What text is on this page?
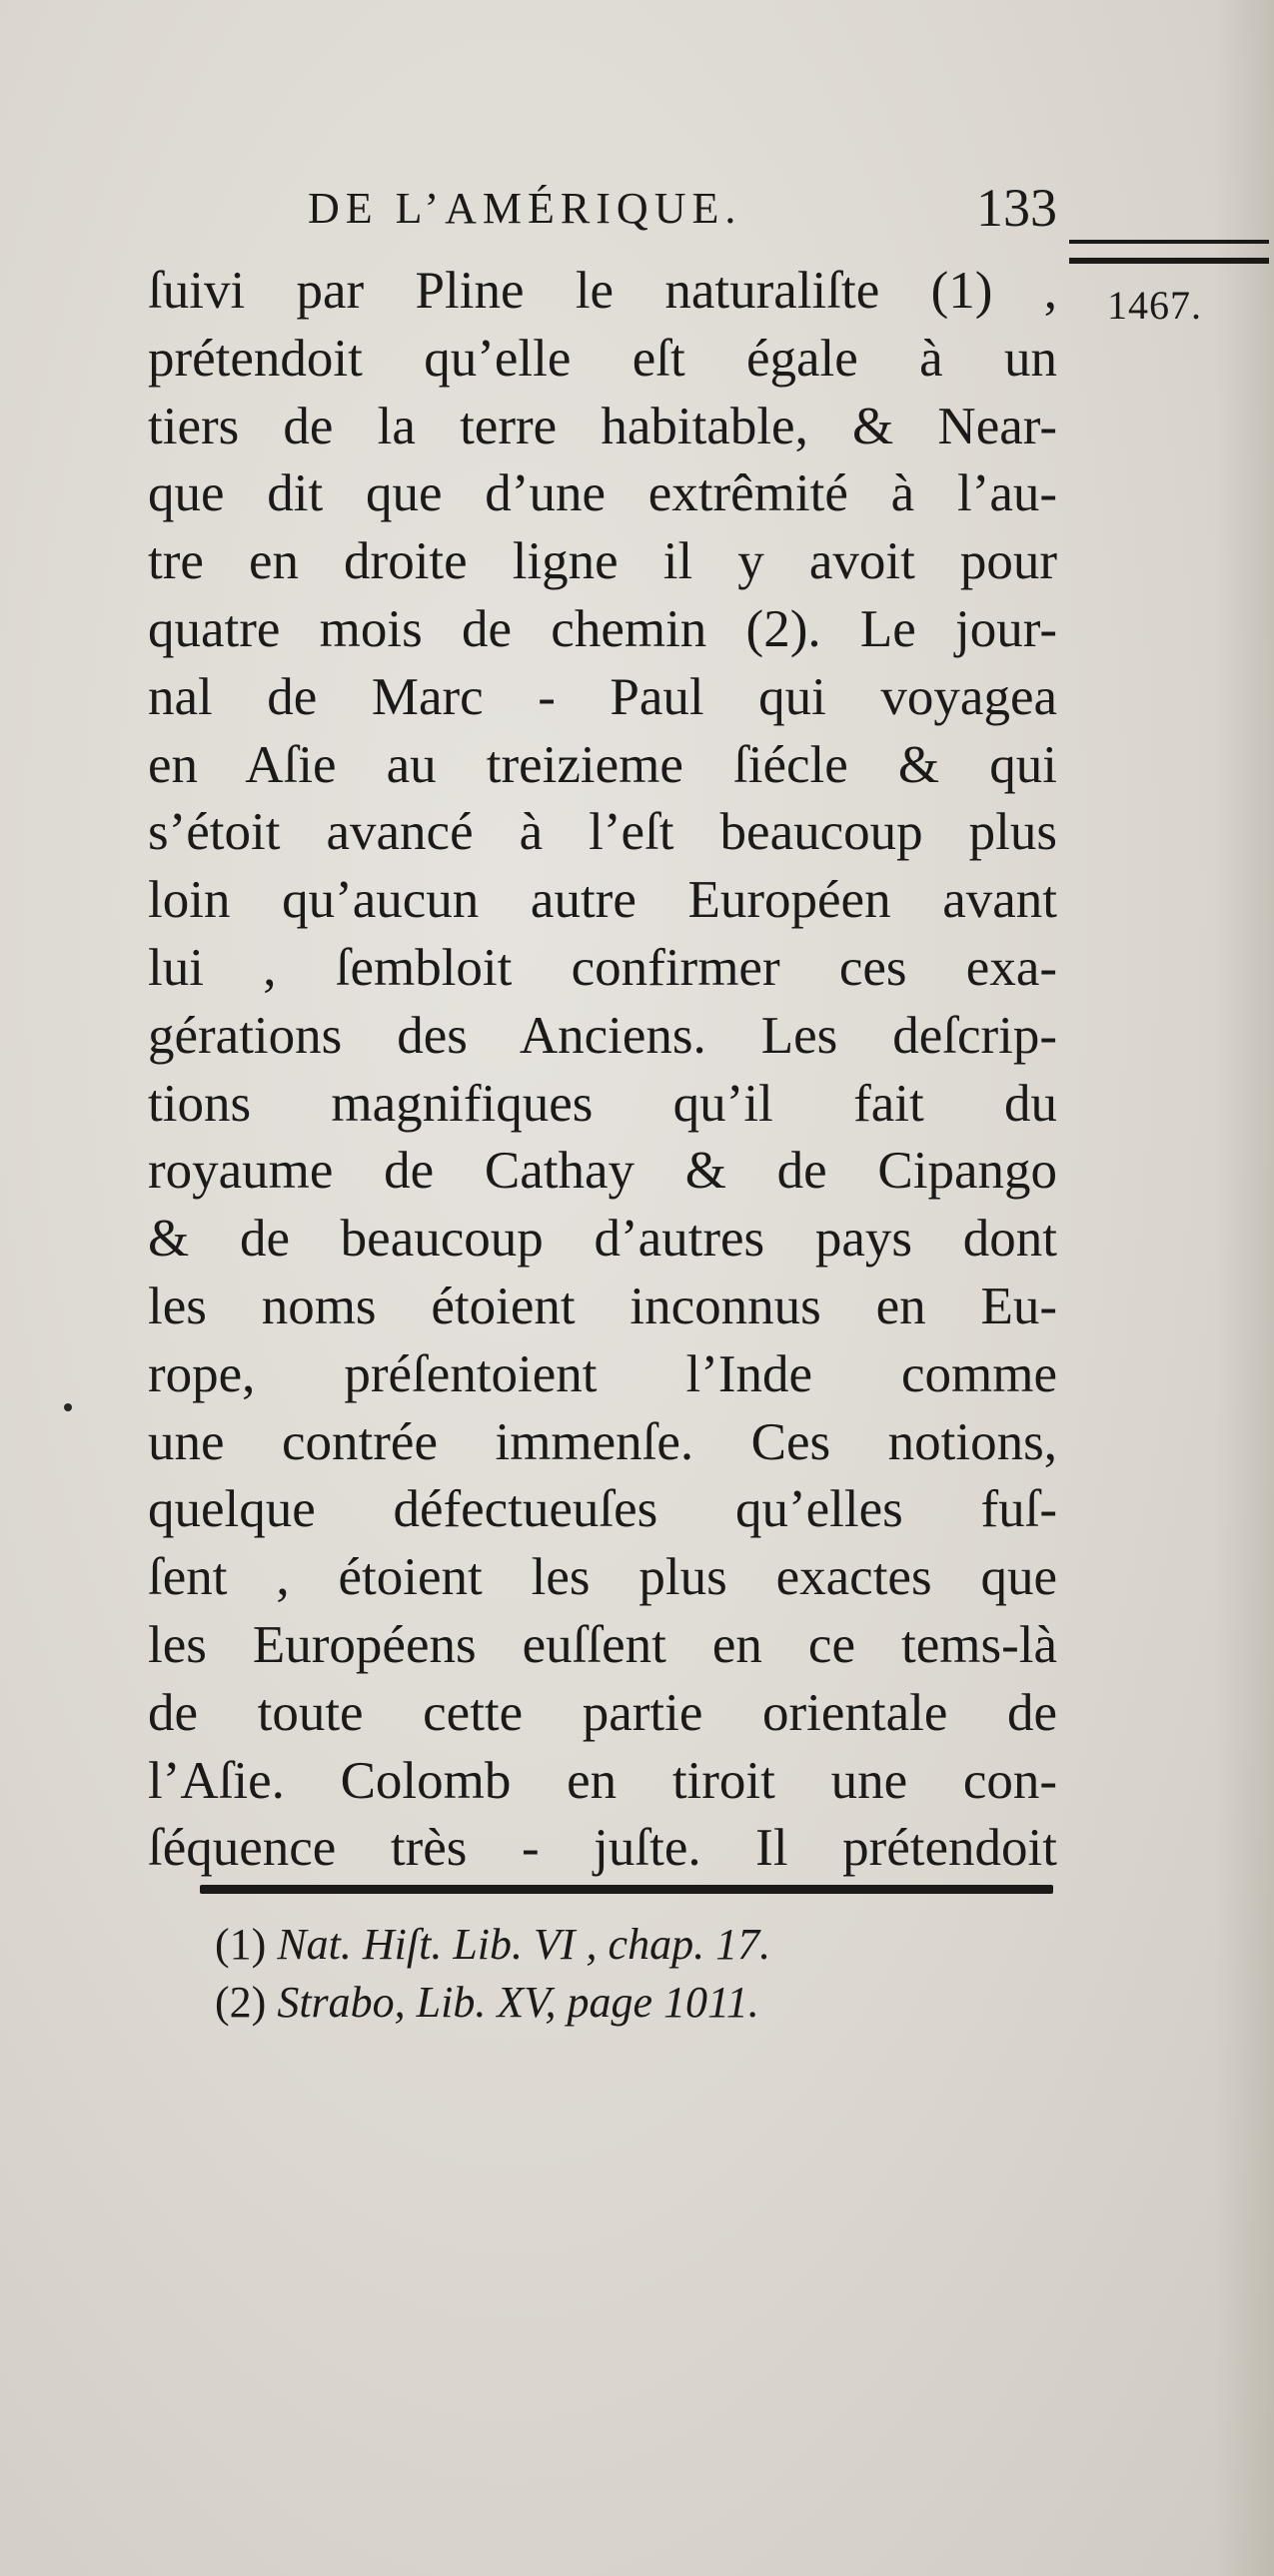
DE L’AMÉRIQUE.	133
1467.
ſuivi par Pline le naturaliſte (1) ,
prétendoit qu’elle eſt égale à un
tiers de la terre habitable, & Near-
que dit que d’une extrêmité à l’au-
tre en droite ligne il y avoit pour
quatre mois de chemin (2). Le jour-
nal de Marc - Paul qui voyagea
en Aſie au treizieme ſiécle & qui
s’étoit avancé à l’eſt beaucoup plus
loin qu’aucun autre Européen avant
lui , ſembloit confirmer ces exa-
gérations des Anciens. Les deſcrip-
tions magnifiques qu’il fait du
royaume de Cathay & de Cipango
& de beaucoup d’autres pays dont
les noms étoient inconnus en Eu-
rope, préſentoient l’Inde comme
une contrée immenſe. Ces notions,
quelque défectueuſes qu’elles fuſ-
ſent , étoient les plus exactes que
les Européens euſſent en ce tems-là
de toute cette partie orientale de
l’Aſie. Colomb en tiroit une con-
ſéquence très - juſte. Il prétendoit
(1) Nat. Hiſt. Lib. VI , chap. 17.
(2) Strabo, Lib. XV, page 1011.
